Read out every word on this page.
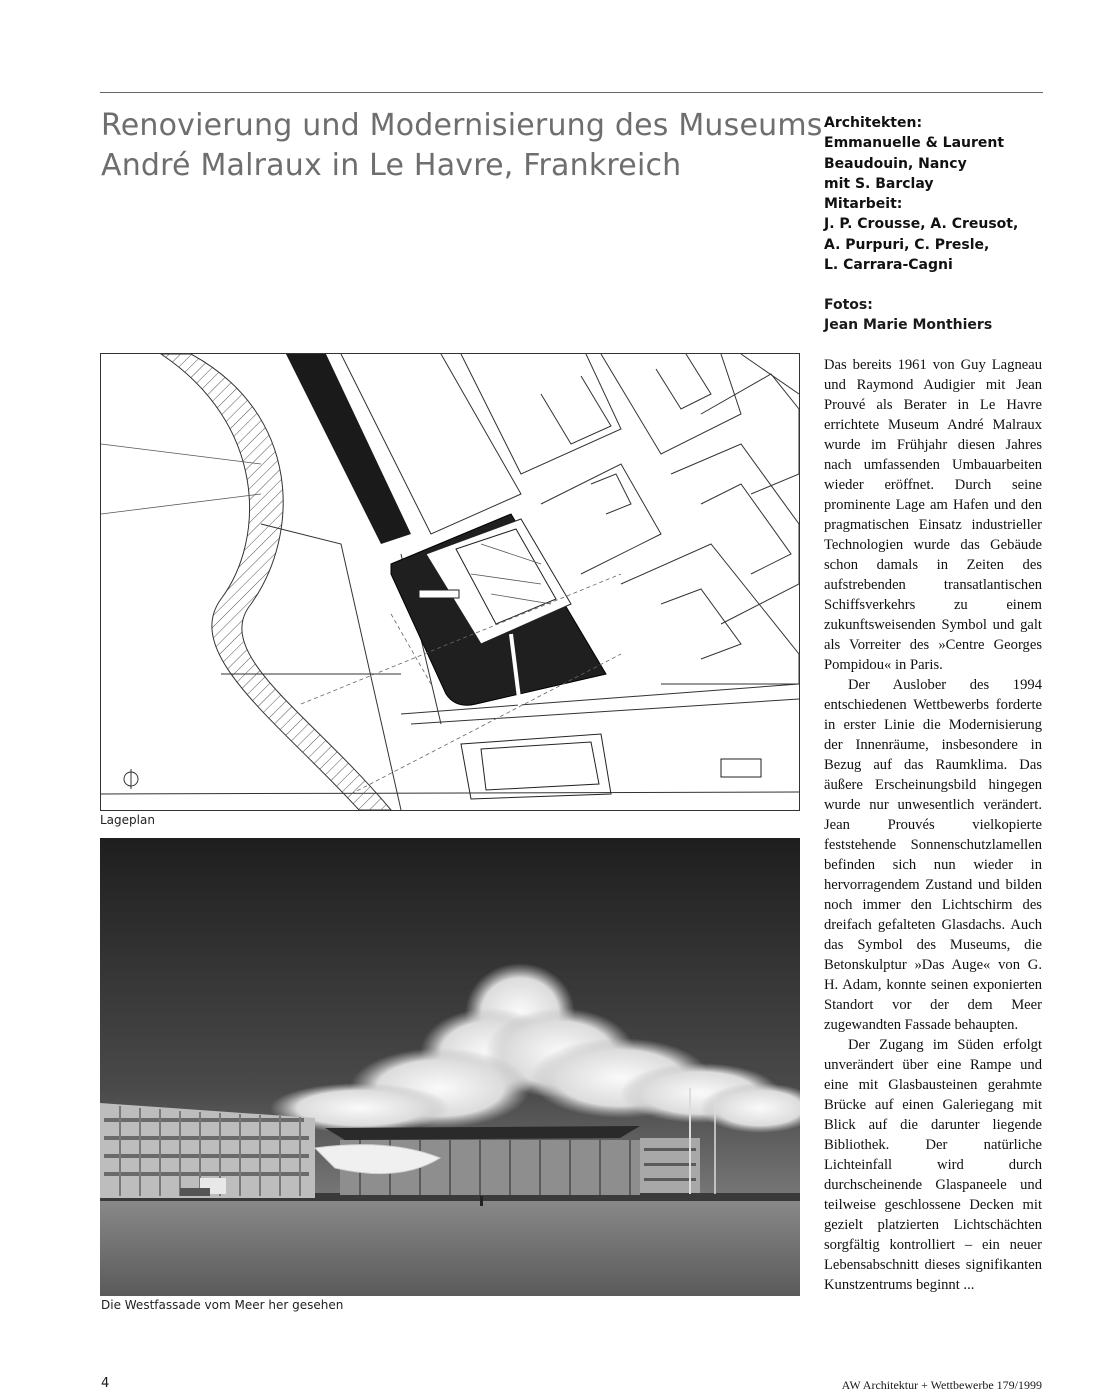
Renovierung und Modernisierung des Museums
André Malraux in Le Havre, Frankreich
Architekten:
Emmanuelle & Laurent
Beaudouin, Nancy
mit S. Barclay
Mitarbeit:
J. P. Crousse, A. Creusot,
A. Purpuri, C. Presle,
L. Carrara-Cagni
Fotos:
Jean Marie Monthiers
Lageplan
Die Westfassade vom Meer her gesehen

Das bereits 1961 von Guy Lagneau und Raymond Audigier mit Jean Prouvé als Berater in Le Havre errichtete Museum André Malraux wurde im Frühjahr diesen Jahres nach umfassenden Umbauarbeiten wieder eröffnet. Durch seine prominente Lage am Hafen und den pragmatischen Einsatz industrieller Technologien wurde das Gebäude schon damals in Zeiten des aufstrebenden transatlantischen Schiffsverkehrs zu einem zukunftsweisenden Symbol und galt als Vorreiter des »Centre Georges Pompidou« in Paris.

Der Auslober des 1994 entschiedenen Wettbewerbs forderte in erster Linie die Modernisierung der Innenräume, insbesondere in Bezug auf das Raumklima. Das äußere Erscheinungsbild hingegen wurde nur unwesentlich verändert. Jean Prouvés vielkopierte feststehende Sonnenschutzlamellen befinden sich nun wieder in hervorragendem Zustand und bilden noch immer den Lichtschirm des dreifach gefalteten Glasdachs. Auch das Symbol des Museums, die Betonskulptur »Das Auge« von G. H. Adam, konnte seinen exponierten Standort vor der dem Meer zugewandten Fassade behaupten.

Der Zugang im Süden erfolgt unverändert über eine Rampe und eine mit Glasbausteinen gerahmte Brücke auf einen Galeriegang mit Blick auf die darunter liegende Bibliothek. Der natürliche Lichteinfall wird durch durchscheinende Glaspaneele und teilweise geschlossene Decken mit gezielt platzierten Lichtschächten sorgfältig kontrolliert – ein neuer Lebensabschnitt dieses signifikanten Kunstzentrums beginnt ...

4	AW Architektur + Wettbewerbe 179/1999
